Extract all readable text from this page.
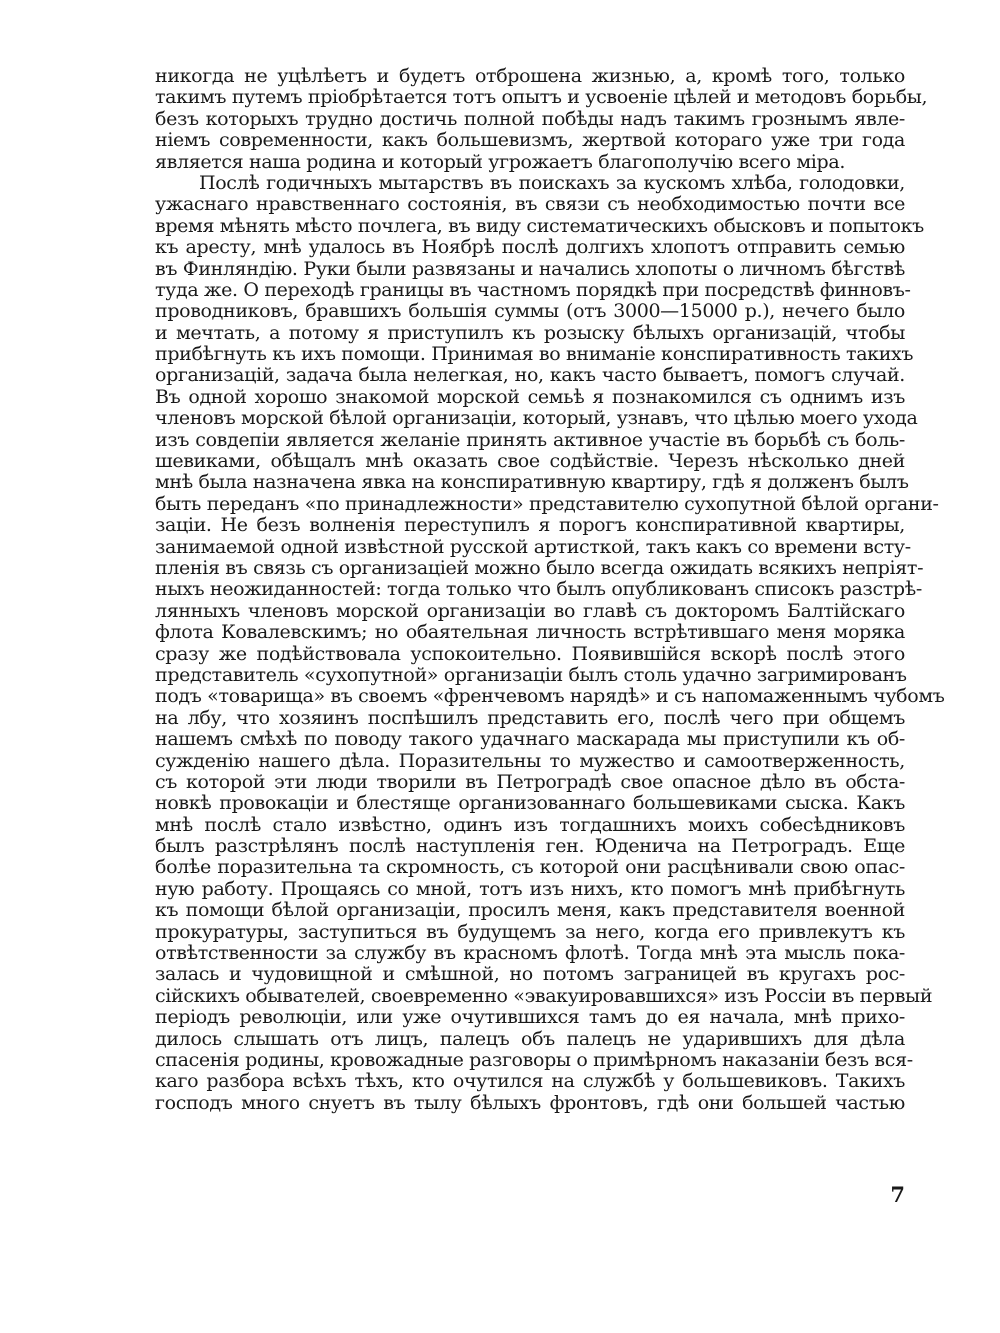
никогда не уцѣлѣетъ и будетъ отброшена жизнью, а, кромѣ того, только
такимъ путемъ пріобрѣтается тотъ опытъ и усвоеніе цѣлей и методовъ борьбы,
безъ которыхъ трудно достичь полной побѣды надъ такимъ грознымъ явле-
ніемъ современности, какъ большевизмъ, жертвой котораго уже три года
является наша родина и который угрожаетъ благополучію всего міра.
Послѣ годичныхъ мытарствъ въ поискахъ за кускомъ хлѣба, голодовки,
ужаснаго нравственнаго состоянія, въ связи съ необходимостью почти все
время мѣнять мѣсто почлега, въ виду систематическихъ обысковъ и попытокъ
къ аресту, мнѣ удалось въ Ноябрѣ послѣ долгихъ хлопотъ отправить семью
въ Финляндію. Руки были развязаны и начались хлопоты о личномъ бѣгствѣ
туда же. О переходѣ границы въ частномъ порядкѣ при посредствѣ финновъ-
проводниковъ, бравшихъ большія суммы (отъ 3000—15000 р.), нечего было
и мечтать, а потому я приступилъ къ розыску бѣлыхъ организацій, чтобы
прибѣгнуть къ ихъ помощи. Принимая во вниманіе конспиративность такихъ
организацій, задача была нелегкая, но, какъ часто бываетъ, помогъ случай.
Въ одной хорошо знакомой морской семьѣ я познакомился съ однимъ изъ
членовъ морской бѣлой организаціи, который, узнавъ, что цѣлью моего ухода
изъ совдепіи является желаніе принять активное участіе въ борьбѣ съ боль-
шевиками, обѣщалъ мнѣ оказать свое содѣйствіе. Черезъ нѣсколько дней
мнѣ была назначена явка на конспиративную квартиру, гдѣ я долженъ былъ
быть переданъ «по принадлежности» представителю сухопутной бѣлой органи-
заціи. Не безъ волненія переступилъ я порогъ конспиративной квартиры,
занимаемой одной извѣстной русской артисткой, такъ какъ со времени всту-
пленія въ связь съ организаціей можно было всегда ожидать всякихъ непріят-
ныхъ неожиданностей: тогда только что былъ опубликованъ списокъ разстрѣ-
лянныхъ членовъ морской организаціи во главѣ съ докторомъ Балтійскаго
флота Ковалевскимъ; но обаятельная личность встрѣтившаго меня моряка
сразу же подѣйствовала успокоительно. Появившійся вскорѣ послѣ этого
представитель «сухопутной» организаціи былъ столь удачно загримированъ
подъ «товарища» въ своемъ «френчевомъ нарядѣ» и съ напомаженнымъ чубомъ
на лбу, что хозяинъ поспѣшилъ представить его, послѣ чего при общемъ
нашемъ смѣхѣ по поводу такого удачнаго маскарада мы приступили къ об-
сужденію нашего дѣла. Поразительны то мужество и самоотверженность,
съ которой эти люди творили въ Петроградѣ свое опасное дѣло въ обста-
новкѣ провокаціи и блестяще организованнаго большевиками сыска. Какъ
мнѣ послѣ стало извѣстно, одинъ изъ тогдашнихъ моихъ собесѣдниковъ
былъ разстрѣлянъ послѣ наступленія ген. Юденича на Петроградъ. Еще
болѣе поразительна та скромность, съ которой они расцѣнивали свою опас-
ную работу. Прощаясь со мной, тотъ изъ нихъ, кто помогъ мнѣ прибѣгнуть
къ помощи бѣлой организаціи, просилъ меня, какъ представителя военной
прокуратуры, заступиться въ будущемъ за него, когда его привлекутъ къ
отвѣтственности за службу въ красномъ флотѣ. Тогда мнѣ эта мысль пока-
залась и чудовищной и смѣшной, но потомъ заграницей въ кругахъ рос-
сійскихъ обывателей, своевременно «эвакуировавшихся» изъ Россіи въ первый
періодъ революціи, или уже очутившихся тамъ до ея начала, мнѣ прихо-
дилось слышать отъ лицъ, палецъ объ палецъ не ударившихъ для дѣла
спасенія родины, кровожадные разговоры о примѣрномъ наказаніи безъ вся-
каго разбора всѣхъ тѣхъ, кто очутился на службѣ у большевиковъ. Такихъ
господъ много снуетъ въ тылу бѣлыхъ фронтовъ, гдѣ они большей частью
7
